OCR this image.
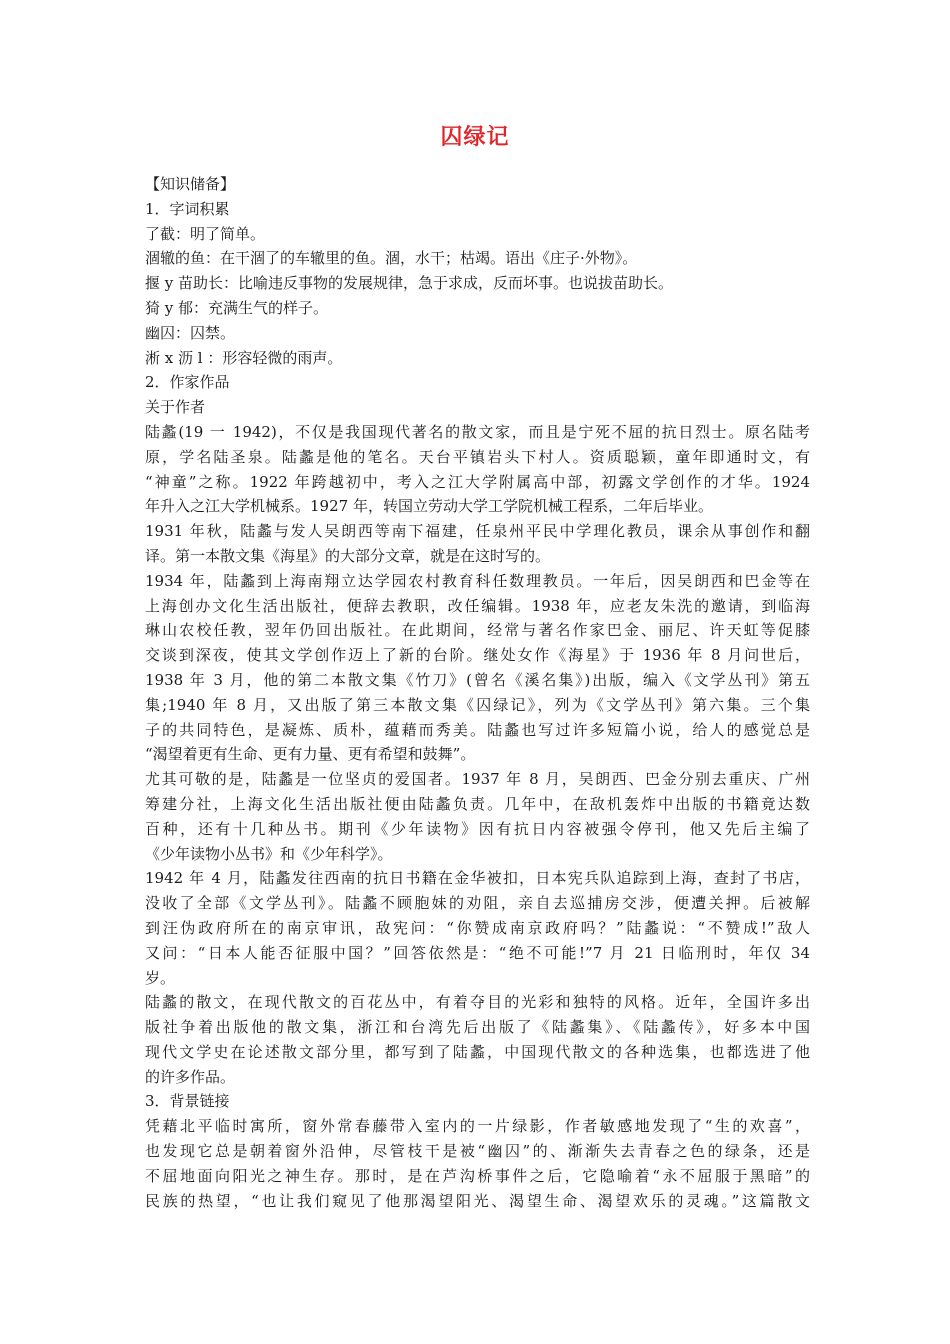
囚绿记
【知识储备】
1．字词积累
了截：明了简单。
涸辙的鱼：在干涸了的车辙里的鱼。涸，水干；枯竭。语出《庄子·外物》。
揠 y 苗助长：比喻违反事物的发展规律，急于求成，反而坏事。也说拔苗助长。
猗 y 郁：充满生气的样子。
幽囚：囚禁。
淅 x 沥 l ：形容轻微的雨声。
2．作家作品
关于作者
陆蠡(19 一 1942)，不仅是我国现代著名的散文家，而且是宁死不屈的抗日烈士。原名陆考
原，学名陆圣泉。陆蠡是他的笔名。天台平镇岩头下村人。资质聪颖，童年即通时文，有
“神童”之称。1922 年跨越初中，考入之江大学附属高中部，初露文学创作的才华。1924
年升入之江大学机械系。1927 年，转国立劳动大学工学院机械工程系，二年后毕业。
1931 年秋，陆蠡与发人吴朗西等南下福建，任泉州平民中学理化教员，课余从事创作和翻
译。第一本散文集《海星》的大部分文章，就是在这时写的。
1934 年，陆蠡到上海南翔立达学园农村教育科任数理教员。一年后，因吴朗西和巴金等在
上海创办文化生活出版社，便辞去教职，改任编辑。1938 年，应老友朱洗的邀请，到临海
琳山农校任教，翌年仍回出版社。在此期间，经常与著名作家巴金、丽尼、许天虹等促膝
交谈到深夜，使其文学创作迈上了新的台阶。继处女作《海星》于 1936 年 8 月问世后，
1938 年 3 月，他的第二本散文集《竹刀》(曾名《溪名集》)出版，编入《文学丛刊》第五
集;1940 年 8 月，又出版了第三本散文集《囚绿记》，列为《文学丛刊》第六集。三个集
子的共同特色，是凝炼、质朴，蕴藉而秀美。陆蠡也写过许多短篇小说，给人的感觉总是
“渴望着更有生命、更有力量、更有希望和鼓舞”。
尤其可敬的是，陆蠡是一位坚贞的爱国者。1937 年 8 月，吴朗西、巴金分别去重庆、广州
筹建分社，上海文化生活出版社便由陆蠡负责。几年中，在敌机轰炸中出版的书籍竟达数
百种，还有十几种丛书。期刊《少年读物》因有抗日内容被强令停刊，他又先后主编了
《少年读物小丛书》和《少年科学》。
1942 年 4 月，陆蠡发往西南的抗日书籍在金华被扣，日本宪兵队追踪到上海，查封了书店，
没收了全部《文学丛刊》。陆蠡不顾胞妹的劝阻，亲自去巡捕房交涉，便遭关押。后被解
到汪伪政府所在的南京审讯，敌宪问：“你赞成南京政府吗？”陆蠡说：“不赞成!”敌人
又问：“日本人能否征服中国？”回答依然是：“绝不可能!”7 月 21 日临刑时，年仅 34
岁。
陆蠡的散文，在现代散文的百花丛中，有着夺目的光彩和独特的风格。近年，全国许多出
版社争着出版他的散文集，浙江和台湾先后出版了《陆蠡集》、《陆蠡传》，好多本中国
现代文学史在论述散文部分里，都写到了陆蠡，中国现代散文的各种选集，也都选进了他
的许多作品。
3．背景链接
凭藉北平临时寓所，窗外常春藤带入室内的一片绿影，作者敏感地发现了“生的欢喜”，
也发现它总是朝着窗外沿伸，尽管枝干是被“幽囚”的、渐渐失去青春之色的绿条，还是
不屈地面向阳光之神生存。那时，是在芦沟桥事件之后，它隐喻着“永不屈服于黑暗”的
民族的热望，“也让我们窥见了他那渴望阳光、渴望生命、渴望欢乐的灵魂。”这篇散文
